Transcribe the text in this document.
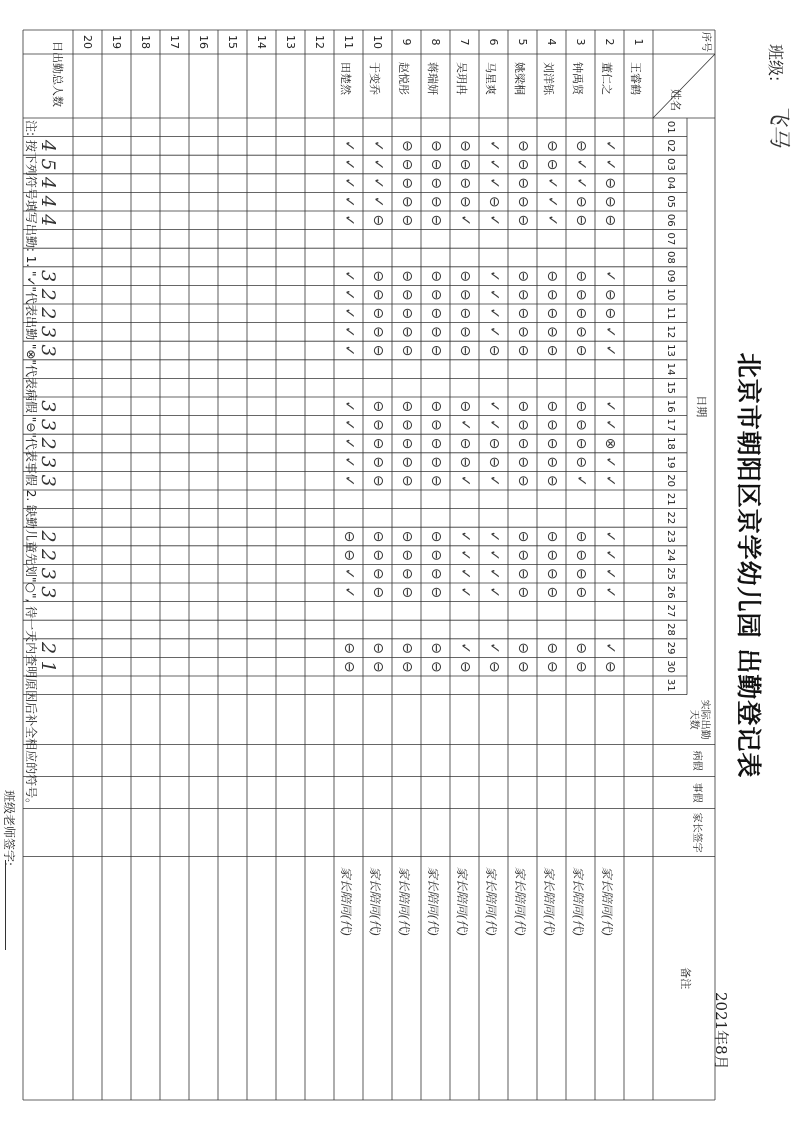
班级:
飞马
北京市朝阳区京学幼儿园 出勤登记表
2021年8月
序号
姓名
日期
01
02
03
04
05
06
07
08
09
10
11
12
13
14
15
16
17
18
19
20
21
22
23
24
25
26
27
28
29
30
31
实际出勤天数
病假
事假
家长签字
备注
1
王睿鹤
2
董仁之
✓
✓
⊖
⊖
⊖
✓
⊖
⊖
✓
✓
✓
✓
⊗
✓
✓
✓
✓
✓
✓
✓
⊖
家长陪同(代)
3
钟禹贤
⊖
✓
✓
⊖
⊖
⊖
⊖
⊖
⊖
⊖
⊖
⊖
⊖
⊖
✓
⊖
⊖
⊖
⊖
⊖
⊖
家长陪同(代)
4
刘洋铄
⊖
⊖
✓
✓
✓
⊖
⊖
⊖
⊖
⊖
⊖
⊖
⊖
⊖
⊖
⊖
⊖
⊖
⊖
⊖
⊖
家长陪同(代)
5
姚梁桐
⊖
⊖
⊖
⊖
⊖
⊖
⊖
⊖
⊖
⊖
⊖
⊖
⊖
⊖
⊖
⊖
⊖
⊖
⊖
⊖
⊖
家长陪同(代)
6
马星爽
✓
✓
✓
⊖
✓
✓
✓
✓
✓
⊖
✓
✓
⊖
⊖
✓
✓
✓
✓
✓
✓
⊖
家长陪同(代)
7
吴玥冉
⊖
⊖
⊖
⊖
✓
⊖
⊖
⊖
⊖
⊖
⊖
✓
⊖
⊖
✓
✓
✓
✓
✓
✓
⊖
家长陪同(代)
8
蒋瑞妍
⊖
⊖
⊖
⊖
⊖
⊖
⊖
⊖
⊖
⊖
⊖
⊖
⊖
⊖
⊖
⊖
⊖
⊖
⊖
⊖
⊖
家长陪同(代)
9
赵悦彤
⊖
⊖
⊖
⊖
⊖
⊖
⊖
⊖
⊖
⊖
⊖
⊖
⊖
⊖
⊖
⊖
⊖
⊖
⊖
⊖
⊖
家长陪同(代)
10
于变乔
✓
✓
✓
✓
⊖
⊖
⊖
⊖
⊖
⊖
⊖
⊖
⊖
⊖
⊖
⊖
⊖
⊖
⊖
⊖
⊖
家长陪同(代)
11
田楚然
✓
✓
✓
✓
✓
✓
✓
✓
✓
✓
✓
✓
✓
✓
✓
⊖
⊖
✓
✓
⊖
⊖
家长陪同(代)
12
13
14
15
16
17
18
19
20
日出勤总人数
4
5
4
4
4
3
2
2
3
3
3
3
2
3
3
2
2
3
3
2
1
注: 按下列符号填写出勤: 1. "✓"代表出勤 "⊗"代表病假 "⊖"代表事假 2. 缺勤儿童先划"○", 待一天内查明原因后补全相应的符号。
班级老师签字:
